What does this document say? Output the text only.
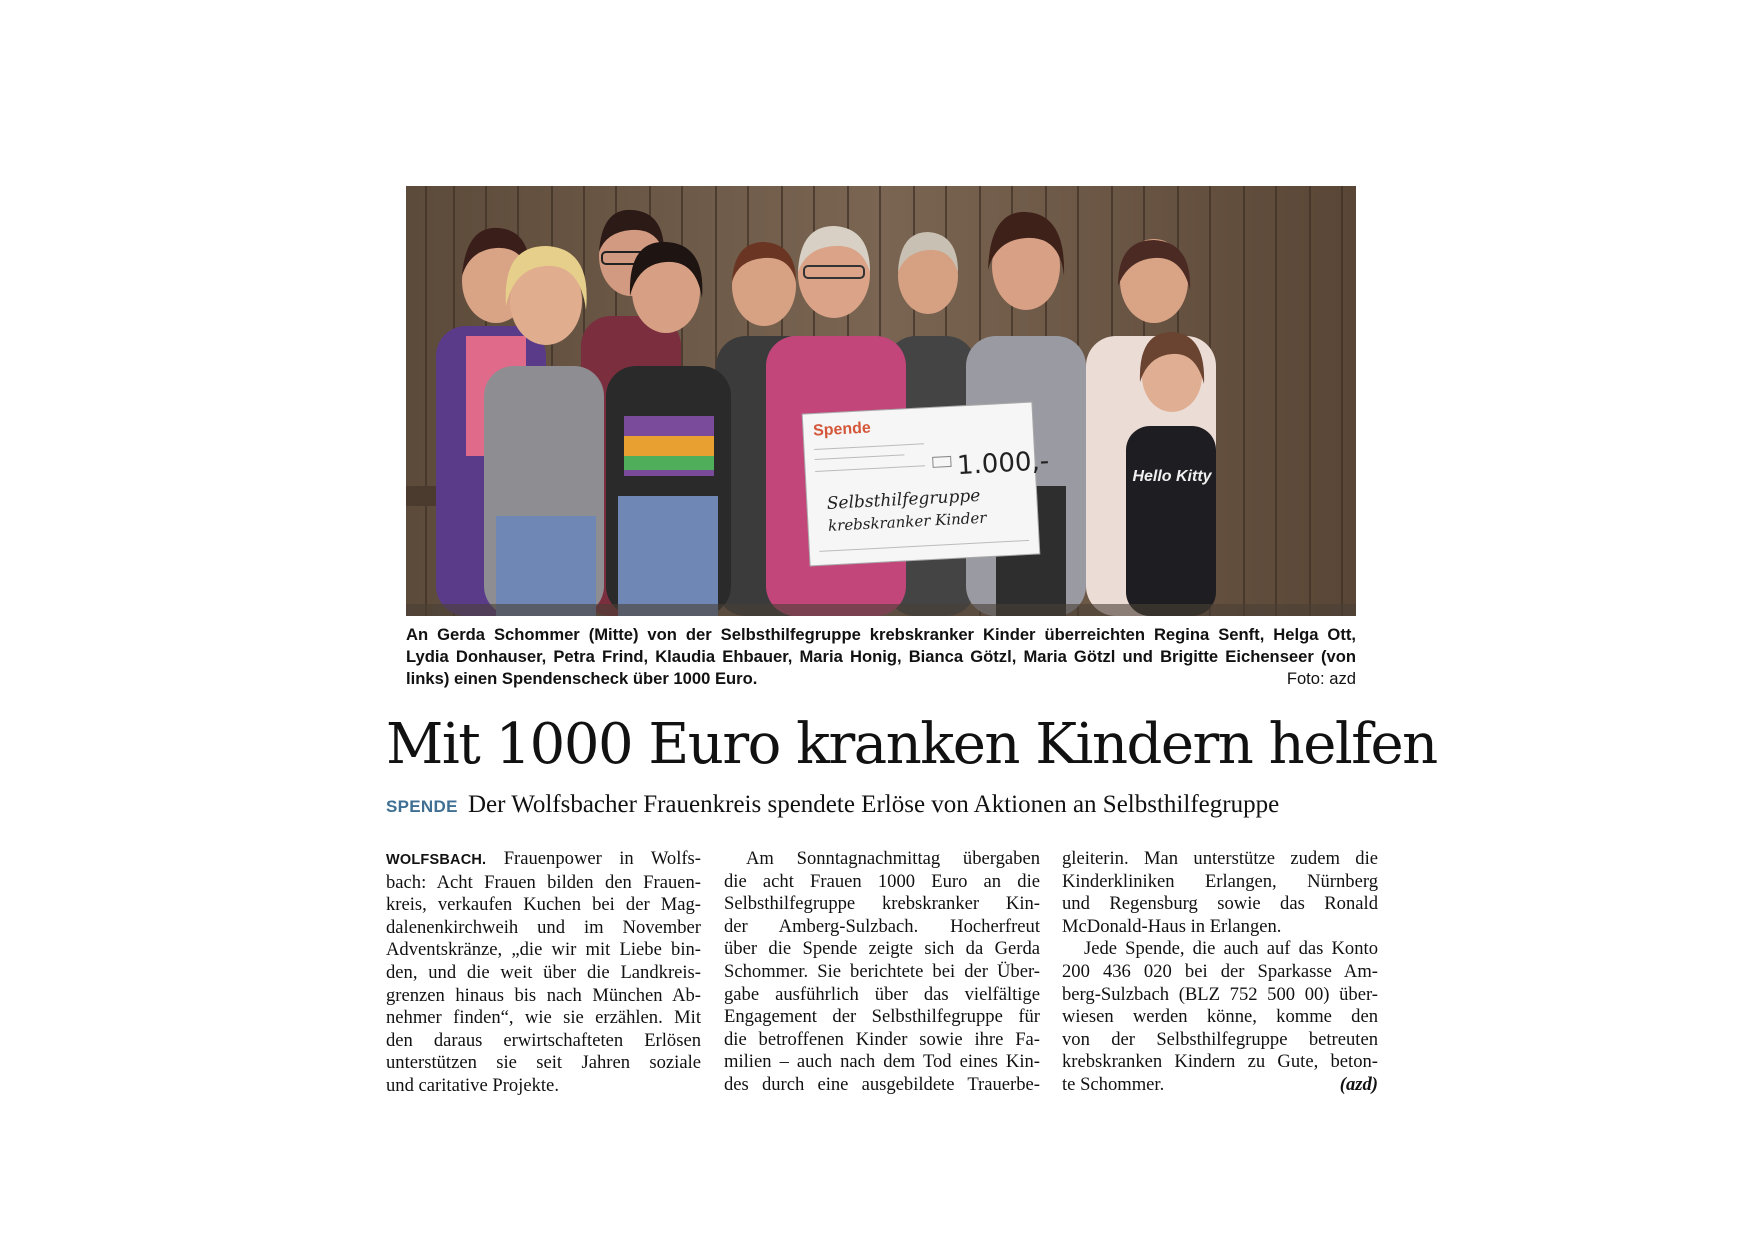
Hello Kitty
Spende
1.000,-
Selbsthilfegruppe
krebskranker Kinder
An Gerda Schommer (Mitte) von der Selbsthilfegruppe krebskranker Kinder überreichten Regina Senft, Helga Ott,
Lydia Donhauser, Petra Frind, Klaudia Ehbauer, Maria Honig, Bianca Götzl, Maria Götzl und Brigitte Eichenseer (von
links) einen Spendenscheck über 1000 Euro.	Foto: azd
Mit 1000 Euro kranken Kindern helfen
SPENDE Der Wolfsbacher Frauenkreis spendete Erlöse von Aktionen an Selbsthilfegruppe
WOLFSBACH. Frauenpower in Wolfs-
bach: Acht Frauen bilden den Frauen-
kreis, verkaufen Kuchen bei der Mag-
dalenenkirchweih und im November
Adventskränze, „die wir mit Liebe bin-
den, und die weit über die Landkreis-
grenzen hinaus bis nach München Ab-
nehmer finden“, wie sie erzählen. Mit
den daraus erwirtschafteten Erlösen
unterstützen sie seit Jahren soziale
und caritative Projekte.
Am Sonntagnachmittag übergaben
die acht Frauen 1000 Euro an die
Selbsthilfegruppe krebskranker Kin-
der Amberg-Sulzbach. Hocherfreut
über die Spende zeigte sich da Gerda
Schommer. Sie berichtete bei der Über-
gabe ausführlich über das vielfältige
Engagement der Selbsthilfegruppe für
die betroffenen Kinder sowie ihre Fa-
milien – auch nach dem Tod eines Kin-
des durch eine ausgebildete Trauerbe-
gleiterin. Man unterstütze zudem die
Kinderkliniken Erlangen, Nürnberg
und Regensburg sowie das Ronald
McDonald-Haus in Erlangen.
Jede Spende, die auch auf das Konto
200 436 020 bei der Sparkasse Am-
berg-Sulzbach (BLZ 752 500 00) über-
wiesen werden könne, komme den
von der Selbsthilfegruppe betreuten
krebskranken Kindern zu Gute, beton-
te Schommer.	(azd)
